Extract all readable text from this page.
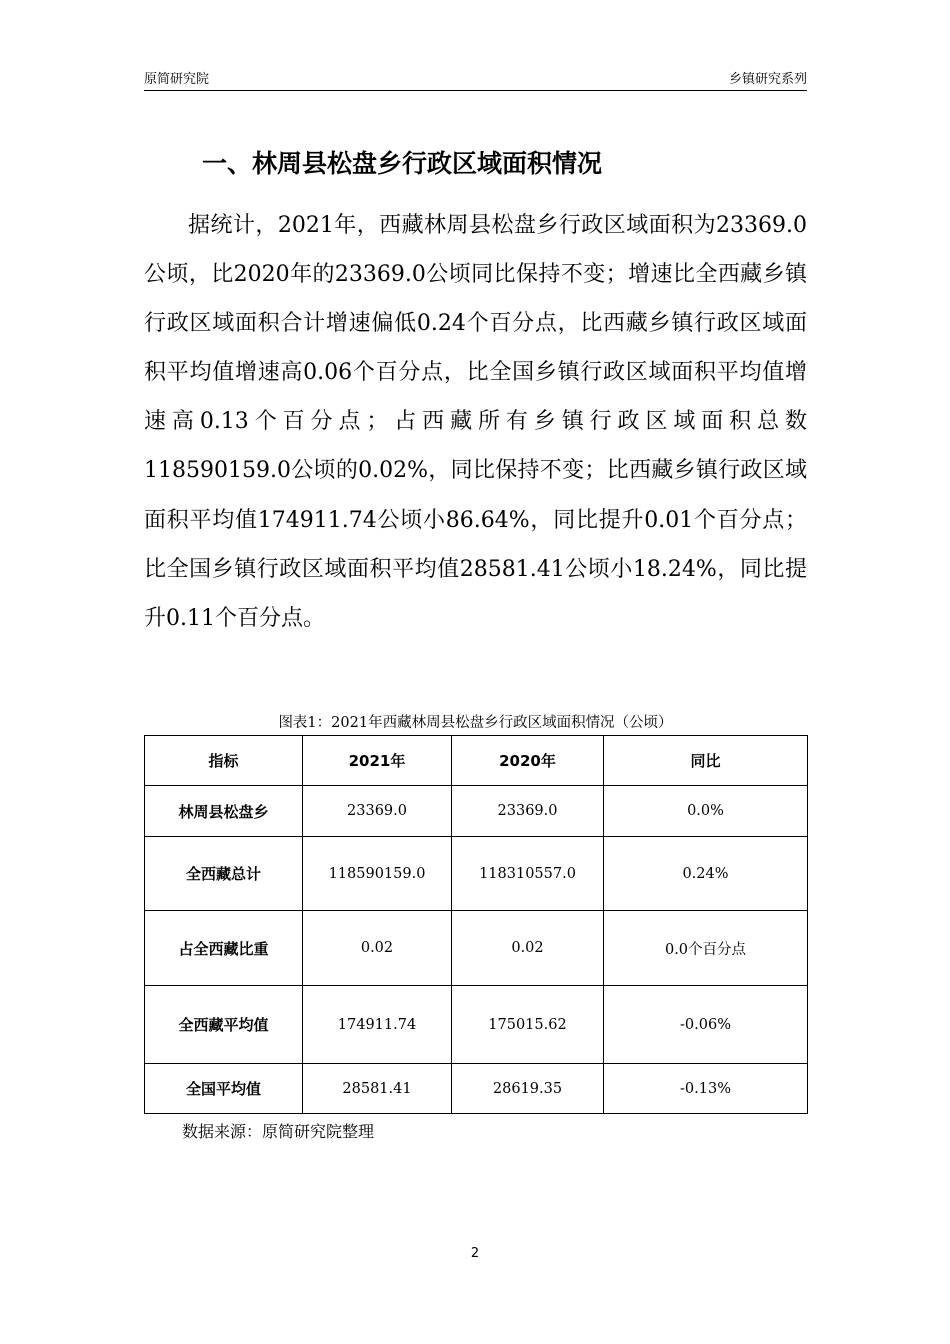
原简研究院	乡镇研究系列
一、林周县松盘乡行政区域面积情况

据统计，2021年，西藏林周县松盘乡行政区域面积为23369.0公顷，比2020年的23369.0公顷同比保持不变；增速比全西藏乡镇行政区域面积合计增速偏低0.24个百分点，比西藏乡镇行政区域面积平均值增速高0.06个百分点，比全国乡镇行政区域面积平均值增速高0.13个百分点；占西藏所有乡镇行政区域面积总数118590159.0公顷的0.02%，同比保持不变；比西藏乡镇行政区域面积平均值174911.74公顷小86.64%，同比提升0.01个百分点；比全国乡镇行政区域面积平均值28581.41公顷小18.24%，同比提升0.11个百分点。

图表1：2021年西藏林周县松盘乡行政区域面积情况（公顷）
指标	2021年	2020年	同比
林周县松盘乡	23369.0	23369.0	0.0%
全西藏总计	118590159.0	118310557.0	0.24%
占全西藏比重	0.02	0.02	0.0个百分点
全西藏平均值	174911.74	175015.62	-0.06%
全国平均值	28581.41	28619.35	-0.13%
数据来源：原简研究院整理
2
